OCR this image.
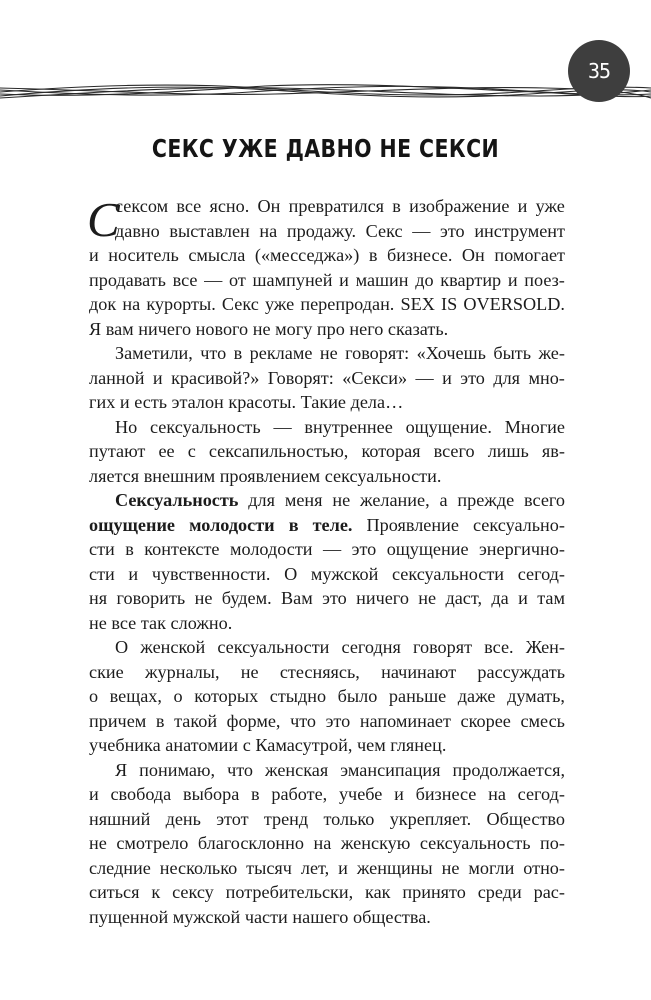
35
СЕКС УЖЕ ДАВНО НЕ СЕКСИ
С
сексом все ясно. Он превратился в изображение и уже
давно выставлен на продажу. Секс — это инструмент
и носитель смысла («месседжа») в бизнесе. Он помогает
продавать все — от шампуней и машин до квартир и поез-
док на курорты. Секс уже перепродан. SEX IS OVERSOLD.
Я вам ничего нового не могу про него сказать.
Заметили, что в рекламе не говорят: «Хочешь быть же-
ланной и красивой?» Говорят: «Секси» — и это для мно-
гих и есть эталон красоты. Такие дела…
Но сексуальность — внутреннее ощущение. Многие
путают ее с сексапильностью, которая всего лишь яв-
ляется внешним проявлением сексуальности.
Сексуальность для меня не желание, а прежде всего
ощущение молодости в теле. Проявление сексуально-
сти в контексте молодости — это ощущение энергично-
сти и чувственности. О мужской сексуальности сегод-
ня говорить не будем. Вам это ничего не даст, да и там
не все так сложно.
О женской сексуальности сегодня говорят все. Жен-
ские журналы, не стесняясь, начинают рассуждать
о вещах, о которых стыдно было раньше даже думать,
причем в такой форме, что это напоминает скорее смесь
учебника анатомии с Камасутрой, чем глянец.
Я понимаю, что женская эмансипация продолжается,
и свобода выбора в работе, учебе и бизнесе на сегод-
няшний день этот тренд только укрепляет. Общество
не смотрело благосклонно на женскую сексуальность по-
следние несколько тысяч лет, и женщины не могли отно-
ситься к сексу потребительски, как принято среди рас-
пущенной мужской части нашего общества.
